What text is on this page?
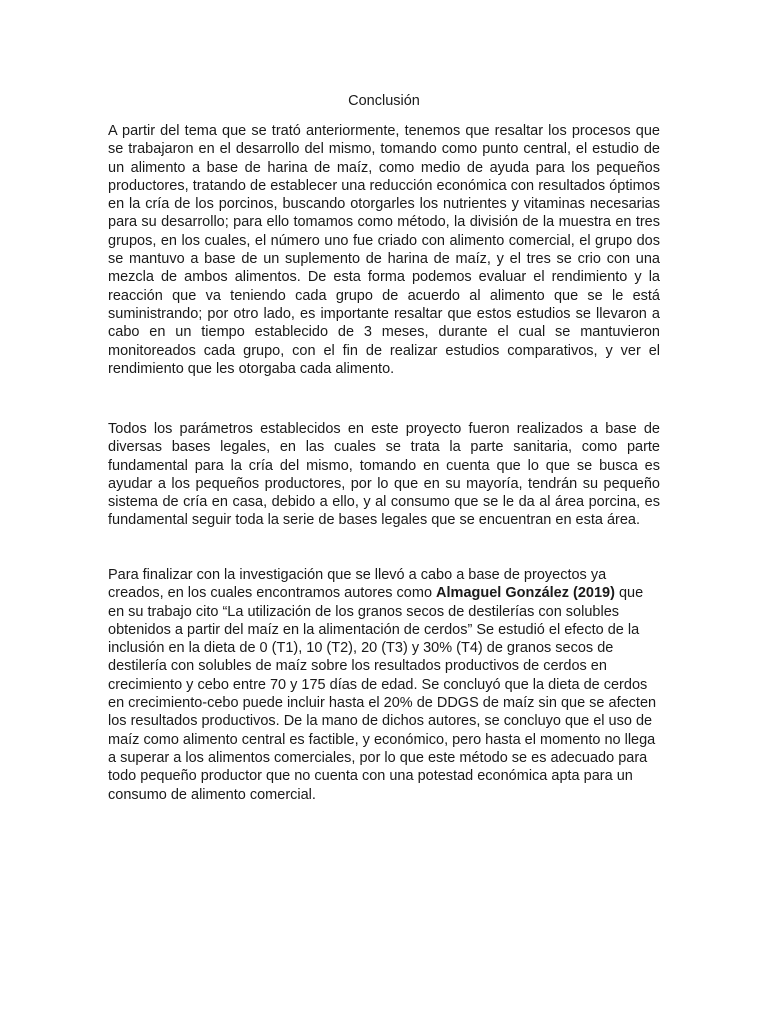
Conclusión

A partir del tema que se trató anteriormente, tenemos que resaltar los procesos que se trabajaron en el desarrollo del mismo, tomando como punto central, el estudio de un alimento a base de harina de maíz, como medio de ayuda para los pequeños productores, tratando de establecer una reducción económica con resultados óptimos en la cría de los porcinos, buscando otorgarles los nutrientes y vitaminas necesarias para su desarrollo; para ello tomamos como método, la división de la muestra en tres grupos, en los cuales, el número uno fue criado con alimento comercial, el grupo dos se mantuvo a base de un suplemento de harina de maíz, y el tres se crio con una mezcla de ambos alimentos. De esta forma podemos evaluar el rendimiento y la reacción que va teniendo cada grupo de acuerdo al alimento que se le está suministrando; por otro lado, es importante resaltar que estos estudios se llevaron a cabo en un tiempo establecido de 3 meses, durante el cual se mantuvieron monitoreados cada grupo, con el fin de realizar estudios comparativos, y ver el rendimiento que les otorgaba cada alimento.

Todos los parámetros establecidos en este proyecto fueron realizados a base de diversas bases legales, en las cuales se trata la parte sanitaria, como parte fundamental para la cría del mismo, tomando en cuenta que lo que se busca es ayudar a los pequeños productores, por lo que en su mayoría, tendrán su pequeño sistema de cría en casa, debido a ello, y al consumo que se le da al área porcina, es fundamental seguir toda la serie de bases legales que se encuentran en esta área.

Para finalizar con la investigación que se llevó a cabo a base de proyectos ya creados, en los cuales encontramos autores como Almaguel González (2019) que en su trabajo cito “La utilización de los granos secos de destilerías con solubles obtenidos a partir del maíz en la alimentación de cerdos” Se estudió el efecto de la inclusión en la dieta de 0 (T1), 10 (T2), 20 (T3) y 30% (T4) de granos secos de destilería con solubles de maíz sobre los resultados productivos de cerdos en crecimiento y cebo entre 70 y 175 días de edad. Se concluyó que la dieta de cerdos en crecimiento-cebo puede incluir hasta el 20% de DDGS de maíz sin que se afecten los resultados productivos. De la mano de dichos autores, se concluyo que el uso de maíz como alimento central es factible, y económico, pero hasta el momento no llega a superar a los alimentos comerciales, por lo que este método se es adecuado para todo pequeño productor que no cuenta con una potestad económica apta para un consumo de alimento comercial.
